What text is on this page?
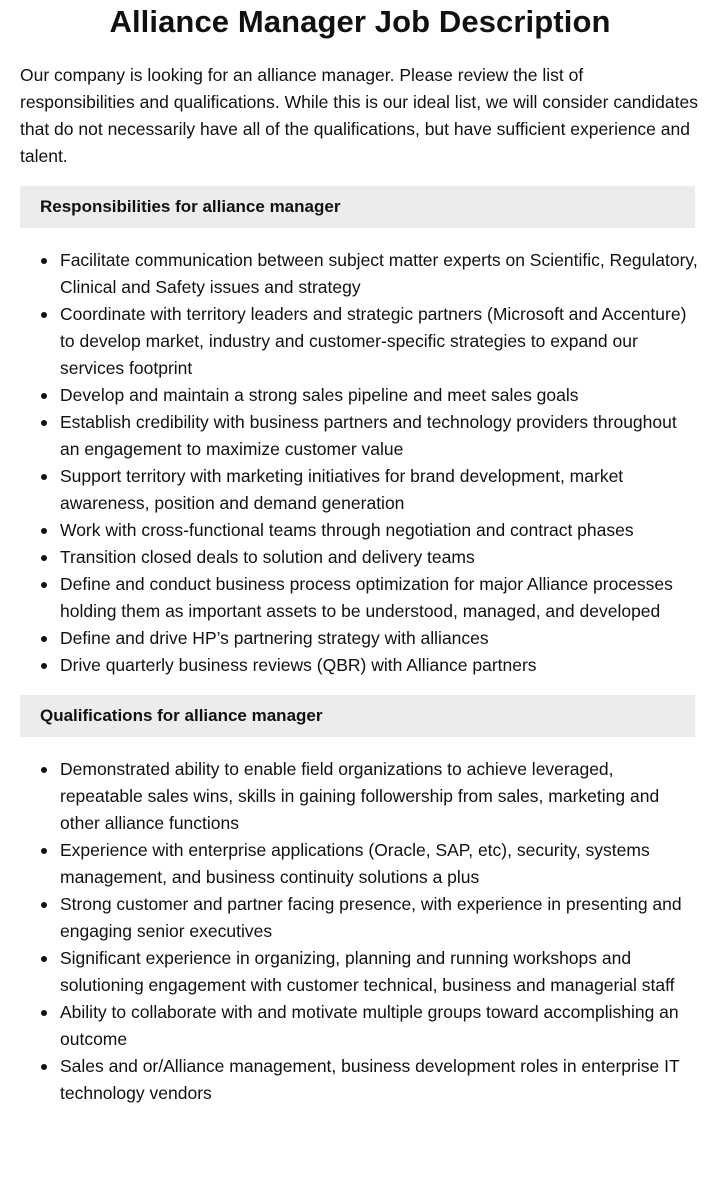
Alliance Manager Job Description

Our company is looking for an alliance manager. Please review the list of responsibilities and qualifications. While this is our ideal list, we will consider candidates that do not necessarily have all of the qualifications, but have sufficient experience and talent.

Responsibilities for alliance manager
Facilitate communication between subject matter experts on Scientific, Regulatory, Clinical and Safety issues and strategy
Coordinate with territory leaders and strategic partners (Microsoft and Accenture) to develop market, industry and customer-specific strategies to expand our services footprint
Develop and maintain a strong sales pipeline and meet sales goals
Establish credibility with business partners and technology providers throughout an engagement to maximize customer value
Support territory with marketing initiatives for brand development, market awareness, position and demand generation
Work with cross-functional teams through negotiation and contract phases
Transition closed deals to solution and delivery teams
Define and conduct business process optimization for major Alliance processes holding them as important assets to be understood, managed, and developed
Define and drive HP’s partnering strategy with alliances
Drive quarterly business reviews (QBR) with Alliance partners
Qualifications for alliance manager
Demonstrated ability to enable field organizations to achieve leveraged, repeatable sales wins, skills in gaining followership from sales, marketing and other alliance functions
Experience with enterprise applications (Oracle, SAP, etc), security, systems management, and business continuity solutions a plus
Strong customer and partner facing presence, with experience in presenting and engaging senior executives
Significant experience in organizing, planning and running workshops and solutioning engagement with customer technical, business and managerial staff
Ability to collaborate with and motivate multiple groups toward accomplishing an outcome
Sales and or/Alliance management, business development roles in enterprise IT technology vendors
